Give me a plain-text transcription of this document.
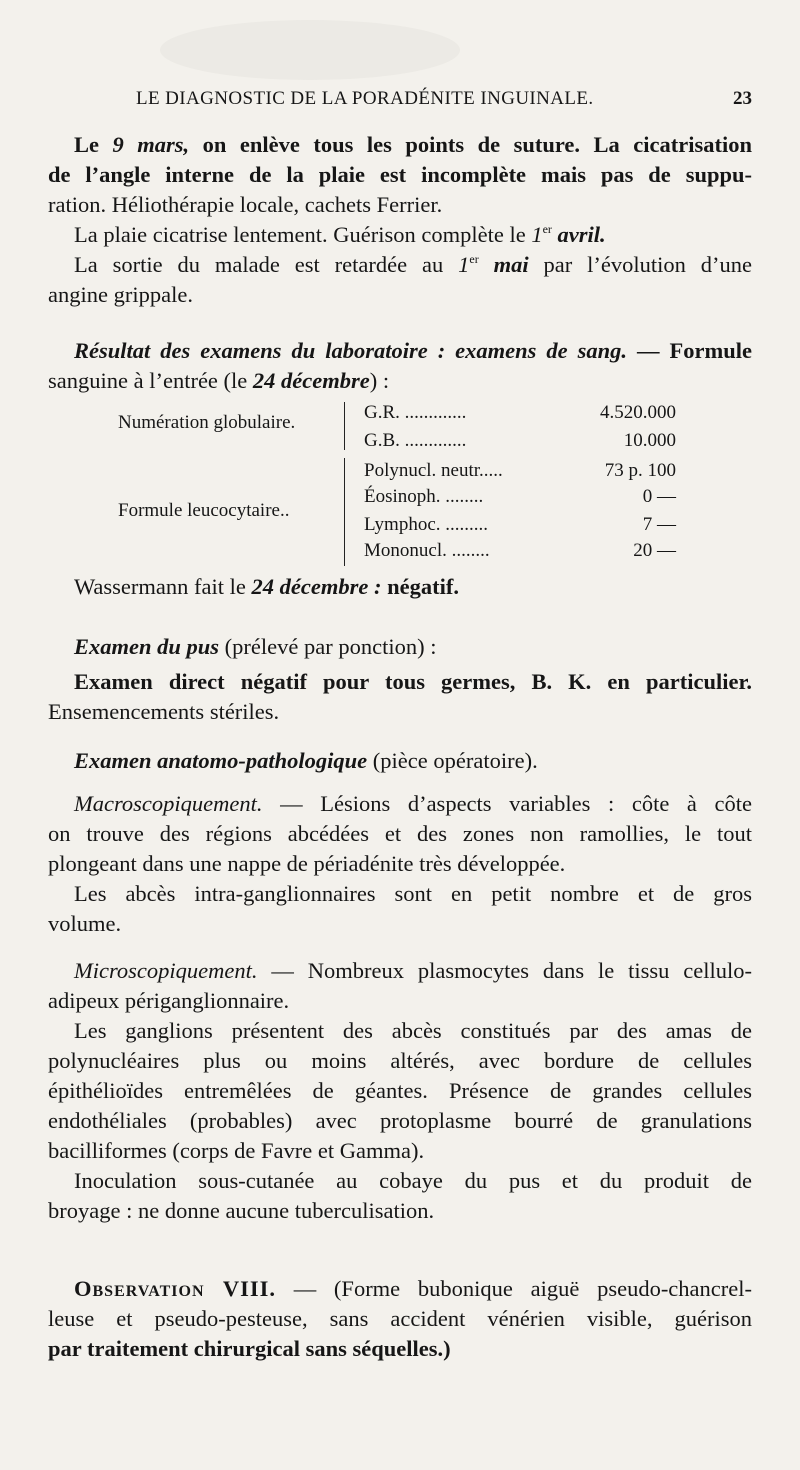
LE DIAGNOSTIC DE LA PORADÉNITE INGUINALE.	23
Le 9 mars, on enlève tous les points de suture. La cicatrisation
de l’angle interne de la plaie est incomplète mais pas de suppu-
ration. Héliothérapie locale, cachets Ferrier.
La plaie cicatrise lentement. Guérison complète le 1er avril.
La sortie du malade est retardée au 1er mai par l’évolution d’une
angine grippale.
Résultat des examens du laboratoire : examens de sang. — Formule
sanguine à l’entrée (le 24 décembre) :
Numération globulaire.	G.R. .............	4.520.000
G.B. .............	10.000
Formule leucocytaire..
Polynucl. neutr.....	73 p. 100
Éosinoph. ........	0 —
Lymphoc. .........	7 —
Mononucl. ........	20 —
Wassermann fait le 24 décembre : négatif.
Examen du pus (prélevé par ponction) :
Examen direct négatif pour tous germes, B. K. en particulier.
Ensemencements stériles.
Examen anatomo-pathologique (pièce opératoire).
Macroscopiquement. — Lésions d’aspects variables : côte à côte
on trouve des régions abcédées et des zones non ramollies, le tout
plongeant dans une nappe de périadénite très développée.
Les abcès intra-ganglionnaires sont en petit nombre et de gros
volume.
Microscopiquement. — Nombreux plasmocytes dans le tissu cellulo-
adipeux périganglionnaire.
Les ganglions présentent des abcès constitués par des amas de
polynucléaires plus ou moins altérés, avec bordure de cellules
épithélioïdes entremêlées de géantes. Présence de grandes cellules
endothéliales (probables) avec protoplasme bourré de granulations
bacilliformes (corps de Favre et Gamma).
Inoculation sous-cutanée au cobaye du pus et du produit de
broyage : ne donne aucune tuberculisation.
Observation VIII. — (Forme bubonique aiguë pseudo-chancrel-
leuse et pseudo-pesteuse, sans accident vénérien visible, guérison
par traitement chirurgical sans séquelles.)
